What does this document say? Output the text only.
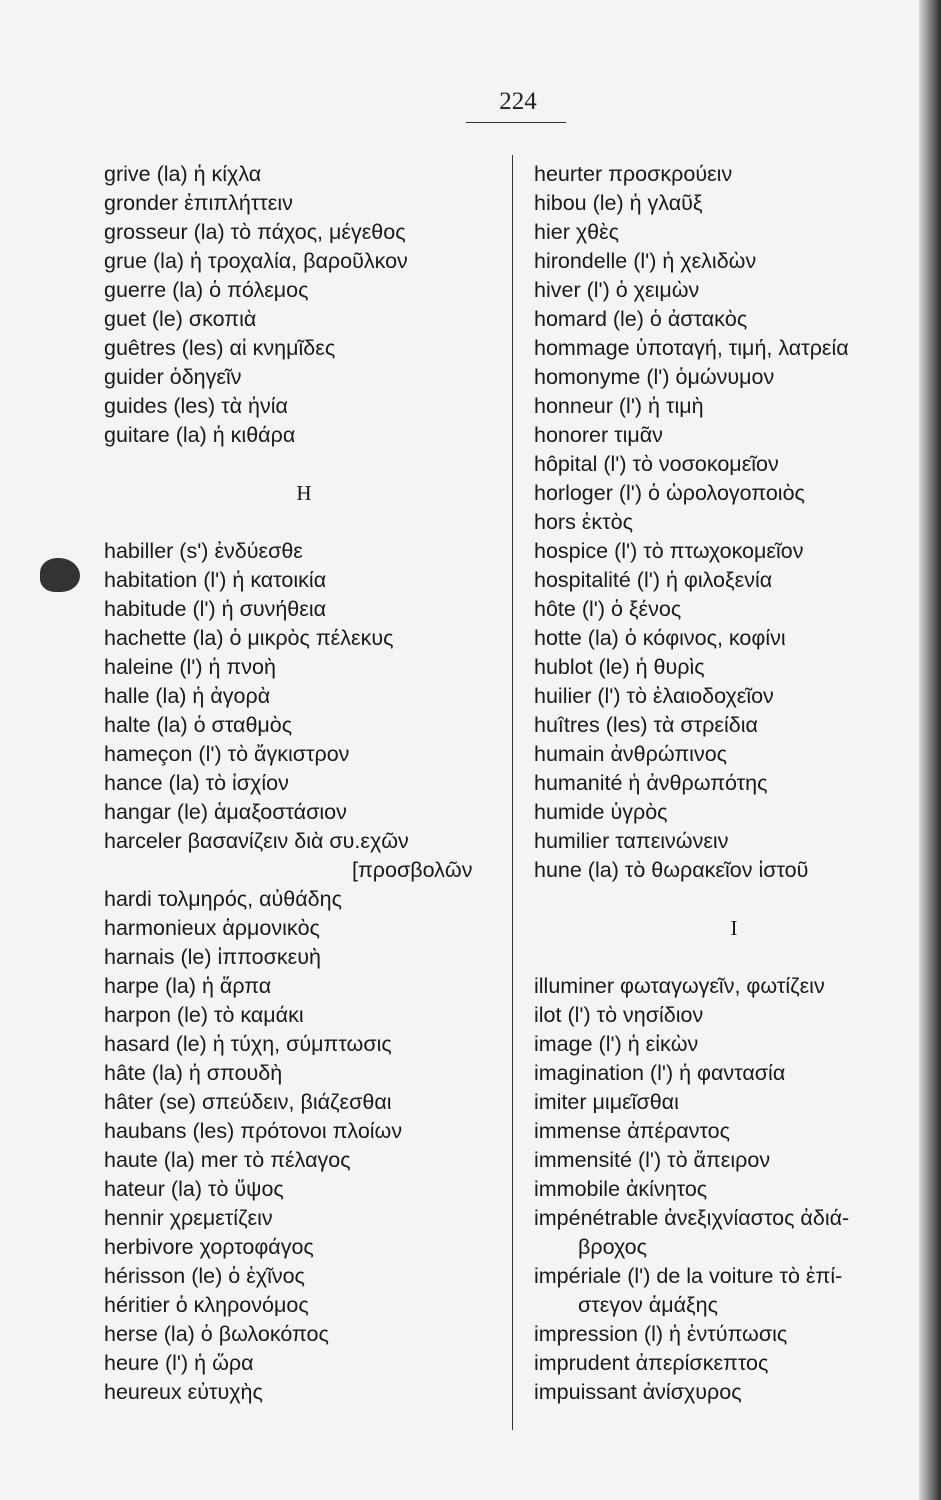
224
grive (la) ἡ κίχλα
gronder ἐπιπλήττειν
grosseur (la) τὸ πάχος, μέγεθος
grue (la) ἡ τροχαλία, βαροῦλκον
guerre (la) ὁ πόλεμος
guet (le) σκοπιὰ
guêtres (les) αἱ κνημῖδες
guider ὁδηγεῖν
guides (les) τὰ ἡνία
guitare (la) ἡ κιθάρα
H
habiller (s') ἐνδύεσθε
habitation (l') ἡ κατοικία
habitude (l') ἡ συνήθεια
hachette (la) ὁ μικρὸς πέλεκυς
haleine (l') ἡ πνοὴ
halle (la) ἡ ἀγορὰ
halte (la) ὁ σταθμὸς
hameçon (l') τὸ ἄγκιστρον
hance (la) τὸ ἰσχίον
hangar (le) ἁμαξοστάσιον
harceler βασανίζειν διὰ συ.εχῶν
[προσβολῶν
hardi τολμηρός, αὐθάδης
harmonieux ἁρμονικὸς
harnais (le) ἱπποσκευὴ
harpe (la) ἡ ἅρπα
harpon (le) τὸ καμάκι
hasard (le) ἡ τύχη, σύμπτωσις
hâte (la) ἡ σπουδὴ
hâter (se) σπεύδειν, βιάζεσθαι
haubans (les) πρότονοι πλοίων
haute (la) mer τὸ πέλαγος
hateur (la) τὸ ὕψος
hennir χρεμετίζειν
herbivore χορτοφάγος
hérisson (le) ὁ ἐχῖνος
héritier ὁ κληρονόμος
herse (la) ὁ βωλοκόπος
heure (l') ἡ ὥρα
heureux εὐτυχὴς
heurter προσκρούειν
hibou (le) ἡ γλαῦξ
hier χθὲς
hirondelle (l') ἡ χελιδὼν
hiver (l') ὁ χειμὼν
homard (le) ὁ ἀστακὸς
hommage ὑποταγή, τιμή, λατρεία
homonyme (l') ὁμώνυμον
honneur (l') ἡ τιμὴ
honorer τιμᾶν
hôpital (l') τὸ νοσοκομεῖον
horloger (l') ὁ ὡρολογοποιὸς
hors ἐκτὸς
hospice (l') τὸ πτωχοκομεῖον
hospitalité (l') ἡ φιλοξενία
hôte (l') ὁ ξένος
hotte (la) ὁ κόφινος, κοφίνι
hublot (le) ἡ θυρὶς
huilier (l') τὸ ἐλαιοδοχεῖον
huîtres (les) τὰ στρείδια
humain ἀνθρώπινος
humanité ἡ ἀνθρωπότης
humide ὑγρὸς
humilier ταπεινώνειν
hune (la) τὸ θωρακεῖον ἱστοῦ
I
illuminer φωταγωγεῖν, φωτίζειν
ilot (l') τὸ νησίδιον
image (l') ἡ εἰκὼν
imagination (l') ἡ φαντασία
imiter μιμεῖσθαι
immense ἀπέραντος
immensité (l') τὸ ἄπειρον
immobile ἀκίνητος
impénétrable ἀνεξιχνίαστος ἀδιά-
βροχος
impériale (l') de la voiture τὸ ἐπί-
στεγον ἁμάξης
impression (l) ἡ ἐντύπωσις
imprudent ἀπερίσκεπτος
impuissant ἀνίσχυρος
